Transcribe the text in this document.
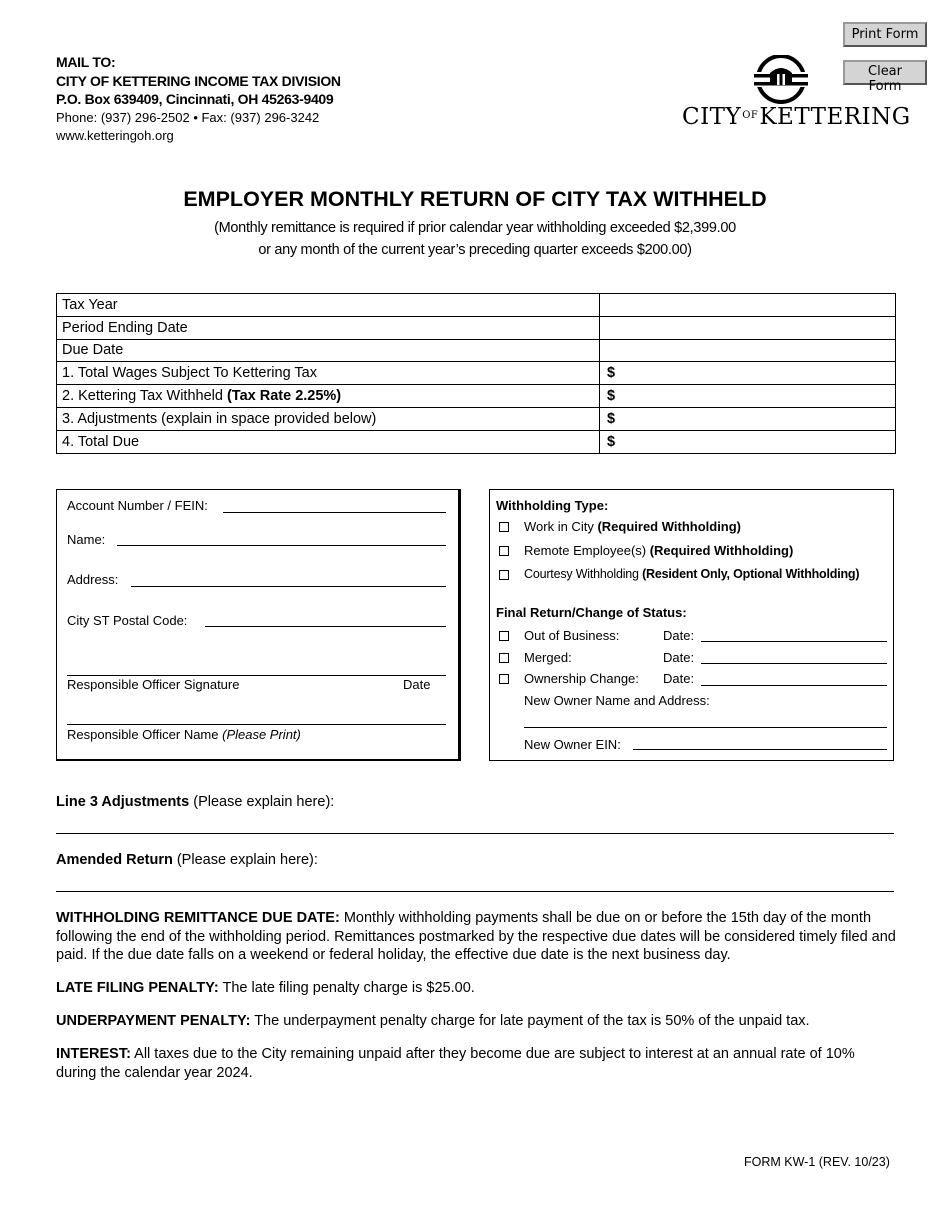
Print Form
Clear Form
MAIL TO:
CITY OF KETTERING INCOME TAX DIVISION
P.O. Box 639409, Cincinnati, OH 45263-9409
Phone: (937) 296-2502 • Fax: (937) 296-3242
www.ketteringoh.org
$CITY^{OF}KETTERING$
EMPLOYER MONTHLY RETURN OF CITY TAX WITHHELD
(Monthly remittance is required if prior calendar year withholding exceeded $2,399.00
or any month of the current year’s preceding quarter exceeds $200.00)
Tax Year	
Period Ending Date	
Due Date	
1. Total Wages Subject To Kettering Tax	$
2. Kettering Tax Withheld (Tax Rate 2.25%)	$
3. Adjustments (explain in space provided below)	$
4. Total Due	$
Account Number / FEIN:
Name:
Address:
City ST Postal Code:
Responsible Officer Signature	Date
Responsible Officer Name (Please Print)
Withholding Type:
Work in City (Required Withholding)
Remote Employee(s) (Required Withholding)
Courtesy Withholding (Resident Only, Optional Withholding)
Final Return/Change of Status:
Out of Business:	Date:
Merged:	Date:
Ownership Change: Date:
New Owner Name and Address:
New Owner EIN:
Line 3 Adjustments (Please explain here):
Amended Return (Please explain here):
WITHHOLDING REMITTANCE DUE DATE: Monthly withholding payments shall be due on or before the 15th day of the month following the end of the withholding period. Remittances postmarked by the respective due dates will be considered timely filed and paid. If the due date falls on a weekend or federal holiday, the effective due date is the next business day.
LATE FILING PENALTY: The late filing penalty charge is $25.00.
UNDERPAYMENT PENALTY: The underpayment penalty charge for late payment of the tax is 50% of the unpaid tax.
INTEREST: All taxes due to the City remaining unpaid after they become due are subject to interest at an annual rate of 10% during the calendar year 2024.
FORM KW-1 (REV. 10/23)
